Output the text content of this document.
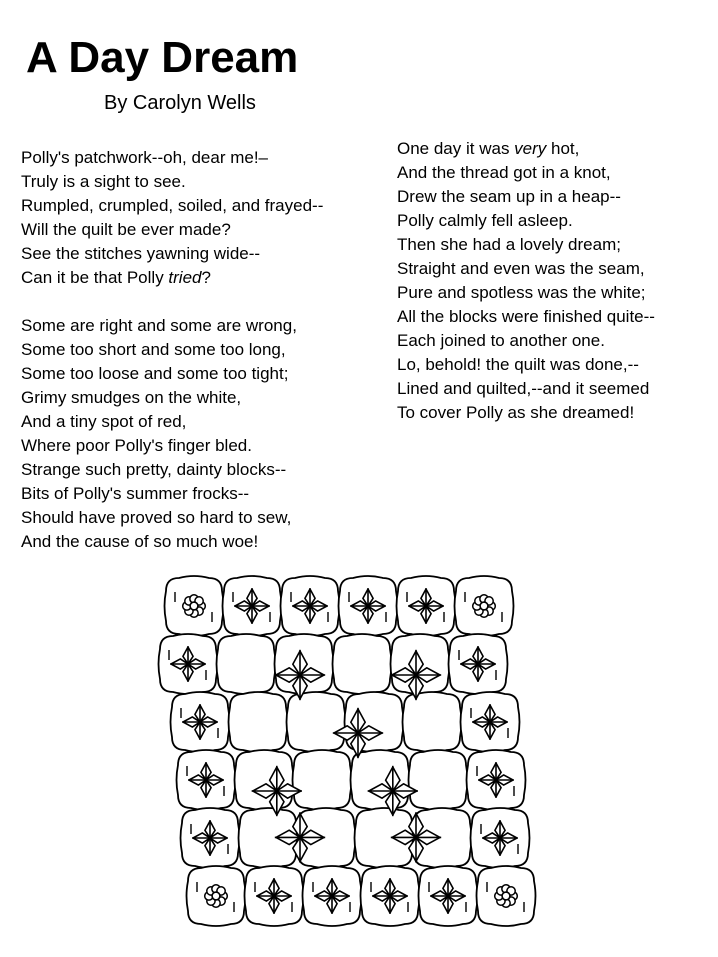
A Day Dream
By Carolyn Wells
Polly's patchwork--oh, dear me!–
Truly is a sight to see.
Rumpled, crumpled, soiled, and frayed--
Will the quilt be ever made?
See the stitches yawning wide--
Can it be that Polly tried?
Some are right and some are wrong,
Some too short and some too long,
Some too loose and some too tight;
Grimy smudges on the white,
And a tiny spot of red,
Where poor Polly's finger bled.
Strange such pretty, dainty blocks--
Bits of Polly's summer frocks--
Should have proved so hard to sew,
And the cause of so much woe!
One day it was very hot,
And the thread got in a knot,
Drew the seam up in a heap--
Polly calmly fell asleep.
Then she had a lovely dream;
Straight and even was the seam,
Pure and spotless was the white;
All the blocks were finished quite--
Each joined to another one.
Lo, behold! the quilt was done,--
Lined and quilted,--and it seemed
To cover Polly as she dreamed!
